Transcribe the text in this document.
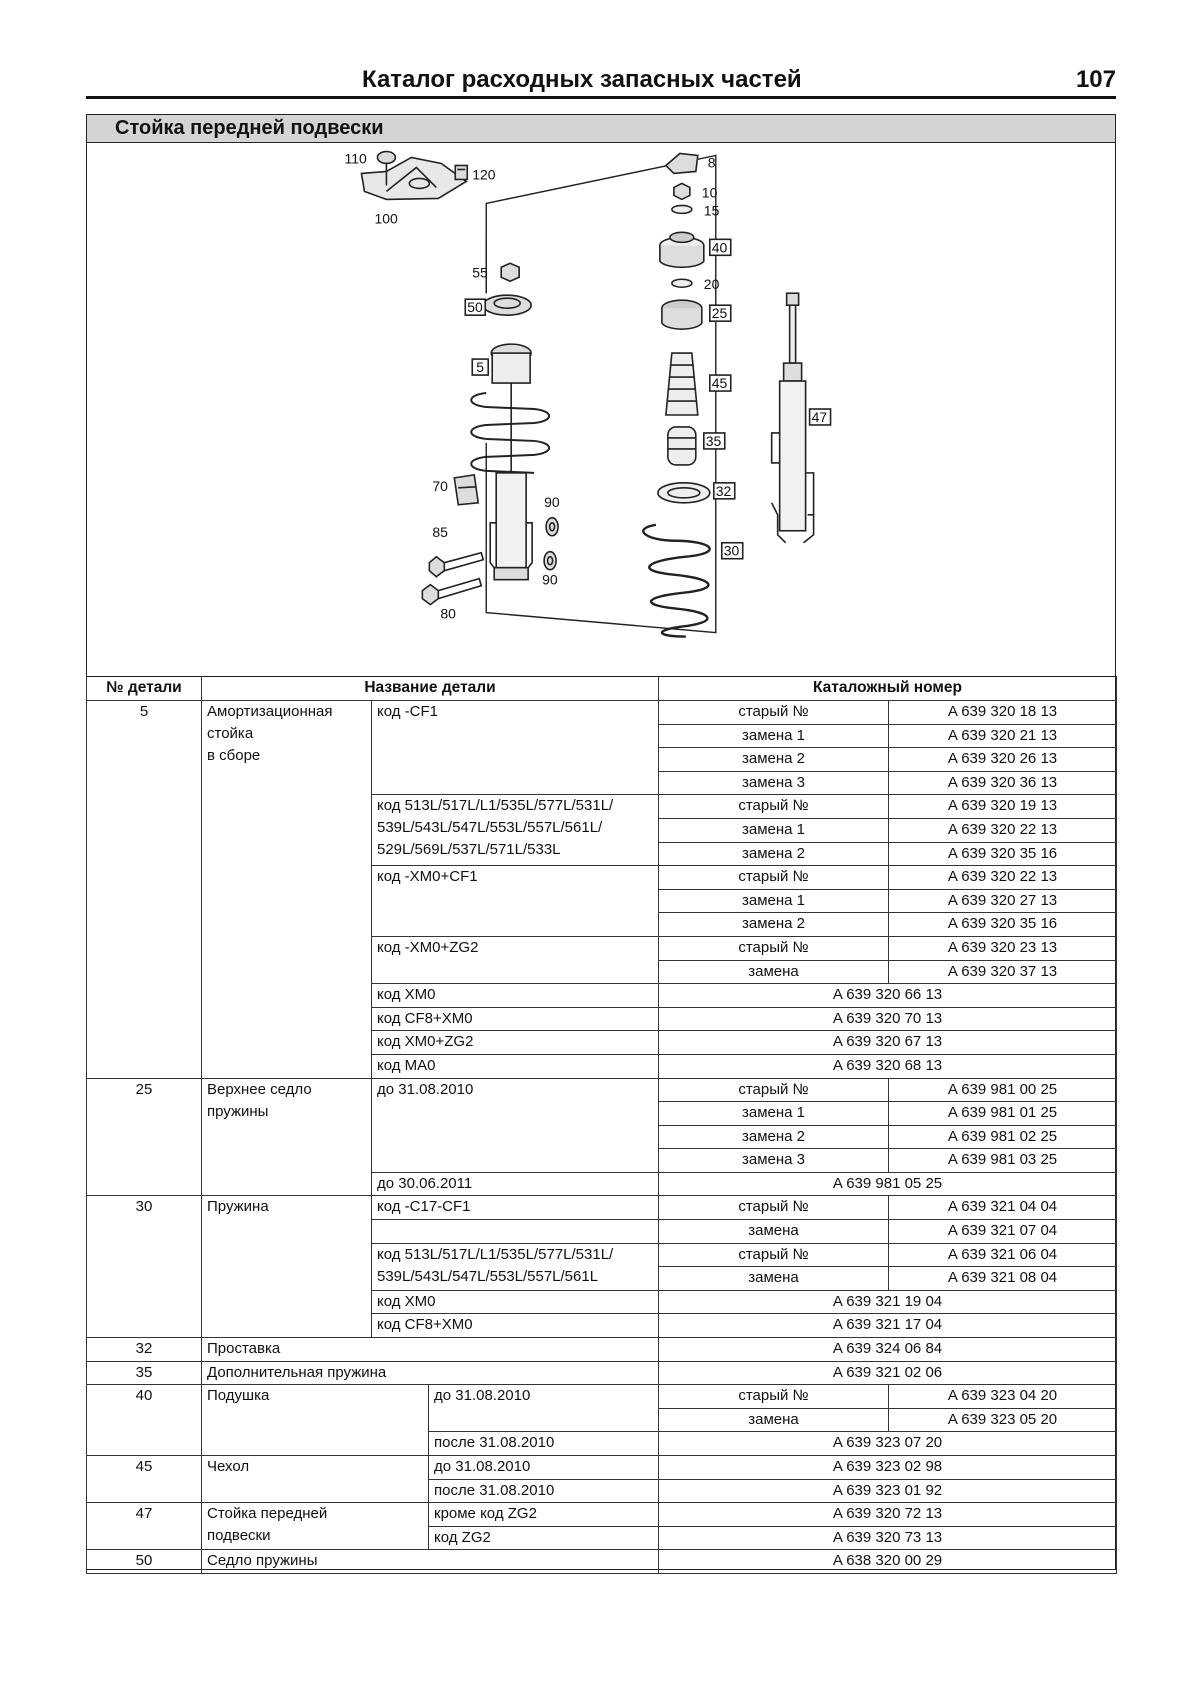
Каталог расходных запасных частей	107
Стойка передней подвески
110
120
100
55
50
5
70
85
80
90
90
8
10
15
40
20
25
45
35
32
30
47
№ детали	Название детали			Каталожный номер	
5	Амортизационная
стойка
в сборе	код -CF1		старый №	A 639 320 18 13
				замена 1	A 639 320 21 13
				замена 2	A 639 320 26 13
				замена 3	A 639 320 36 13

		код 513L/517L/L1/535L/577L/531L/
539L/543L/547L/553L/557L/561L/
529L/569L/537L/571L/533L		старый №	A 639 320 19 13
				замена 1	A 639 320 22 13
				замена 2	A 639 320 35 16
		код -XM0+CF1		старый №	A 639 320 22 13
				замена 1	A 639 320 27 13
				замена 2	A 639 320 35 16
		код -XM0+ZG2		старый №	A 639 320 23 13
				замена	A 639 320 37 13
		код XM0		A 639 320 66 13	
		код CF8+XM0		A 639 320 70 13	
		код XM0+ZG2		A 639 320 67 13	
		код MA0		A 639 320 68 13	
25	Верхнее седло
пружины	до 31.08.2010		старый №	A 639 981 00 25
				замена 1	A 639 981 01 25
				замена 2	A 639 981 02 25
				замена 3	A 639 981 03 25
		до 30.06.2011		A 639 981 05 25	
30	Пружина	код -C17-CF1		старый №	A 639 321 04 04
				замена	A 639 321 07 04

		код 513L/517L/L1/535L/577L/531L/
539L/543L/547L/553L/557L/561L		старый №	A 639 321 06 04
				замена	A 639 321 08 04
		код XM0		A 639 321 19 04	
		код CF8+XM0		A 639 321 17 04	
32	Проставка			A 639 324 06 84	
35	Дополнительная пружина			A 639 321 02 06	
40	Подушка		до 31.08.2010	старый №	A 639 323 04 20
				замена	A 639 323 05 20
			после 31.08.2010	A 639 323 07 20	
45	Чехол		до 31.08.2010	A 639 323 02 98	
			после 31.08.2010	A 639 323 01 92	
47	Стойка передней
подвески		кроме код ZG2	A 639 320 72 13	
			код ZG2	A 639 320 73 13	
50	Седло пружины			A 638 320 00 29	
